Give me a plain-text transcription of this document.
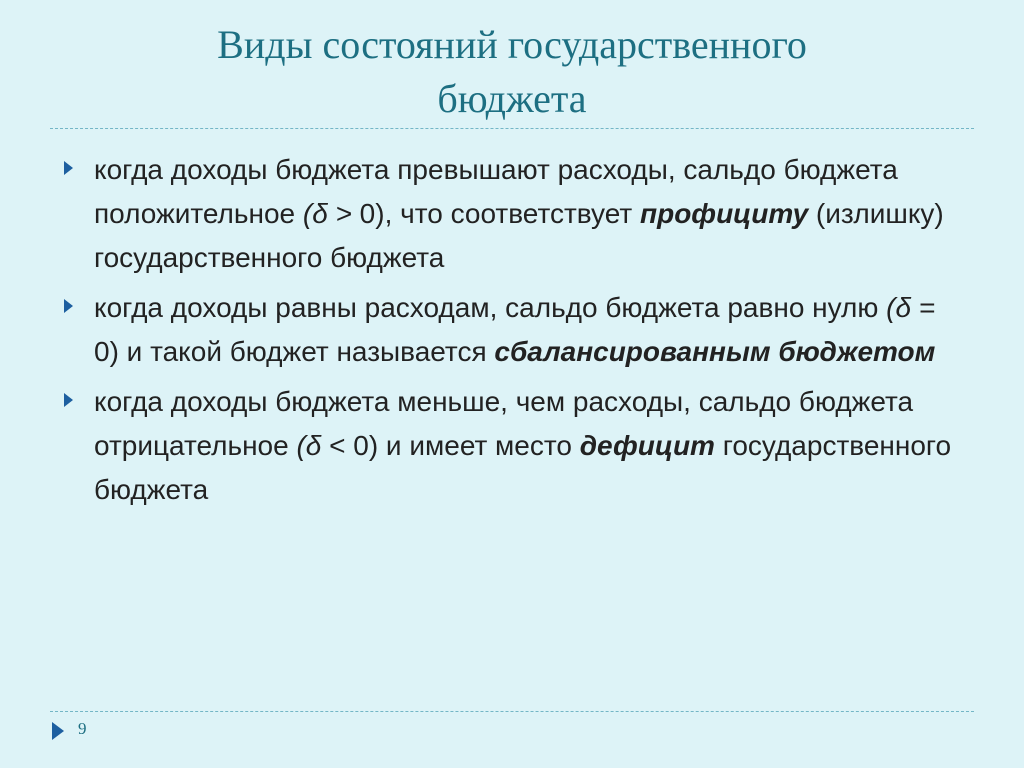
Виды состояний государственного
бюджета
когда доходы бюджета превышают расходы, сальдо бюджета положительное (δ > 0), что соответствует профициту (излишку) государственного бюджета
когда доходы равны расходам, сальдо бюджета равно нулю (δ = 0) и такой бюджет называется сбалансированным бюджетом
когда доходы бюджета меньше, чем расходы, сальдо бюджета отрицательное (δ < 0) и имеет место дефицит государственного бюджета
9
